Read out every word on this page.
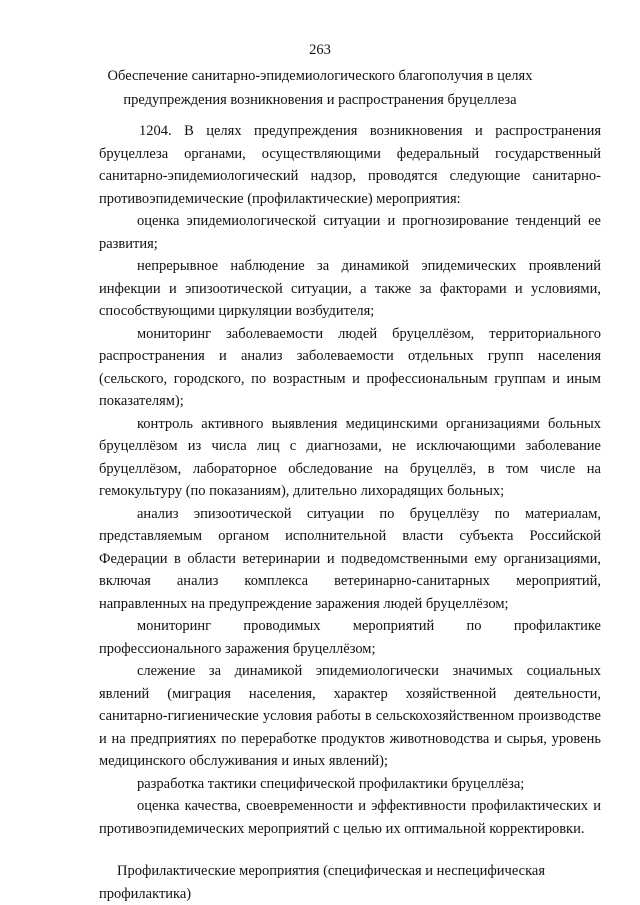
263
Обеспечение санитарно-эпидемиологического благополучия в целях предупреждения возникновения и распространения бруцеллеза

1204. В целях предупреждения возникновения и распространения бруцеллеза органами, осуществляющими федеральный государственный санитарно-эпидемиологический надзор, проводятся следующие санитарно-противоэпидемические (профилактические) мероприятия:

оценка эпидемиологической ситуации и прогнозирование тенденций ее развития;

непрерывное наблюдение за динамикой эпидемических проявлений инфекции и эпизоотической ситуации, а также за факторами и условиями, способствующими циркуляции возбудителя;

мониторинг заболеваемости людей бруцеллёзом, территориального распространения и анализ заболеваемости отдельных групп населения (сельского, городского, по возрастным и профессиональным группам и иным показателям);

контроль активного выявления медицинскими организациями больных бруцеллёзом из числа лиц с диагнозами, не исключающими заболевание бруцеллёзом, лабораторное обследование на бруцеллёз, в том числе на гемокультуру (по показаниям), длительно лихорадящих больных;

анализ эпизоотической ситуации по бруцеллёзу по материалам, представляемым органом исполнительной власти субъекта Российской Федерации в области ветеринарии и подведомственными ему организациями, включая анализ комплекса ветеринарно-санитарных мероприятий, направленных на предупреждение заражения людей бруцеллёзом;

мониторинг проводимых мероприятий по профилактике профессионального заражения бруцеллёзом;

слежение за динамикой эпидемиологически значимых социальных явлений (миграция населения, характер хозяйственной деятельности, санитарно-гигиенические условия работы в сельскохозяйственном производстве и на предприятиях по переработке продуктов животноводства и сырья, уровень медицинского обслуживания и иных явлений);

разработка тактики специфической профилактики бруцеллёза;

оценка качества, своевременности и эффективности профилактических и противоэпидемических мероприятий с целью их оптимальной корректировки.

Профилактические мероприятия (специфическая и неспецифическая профилактика)
